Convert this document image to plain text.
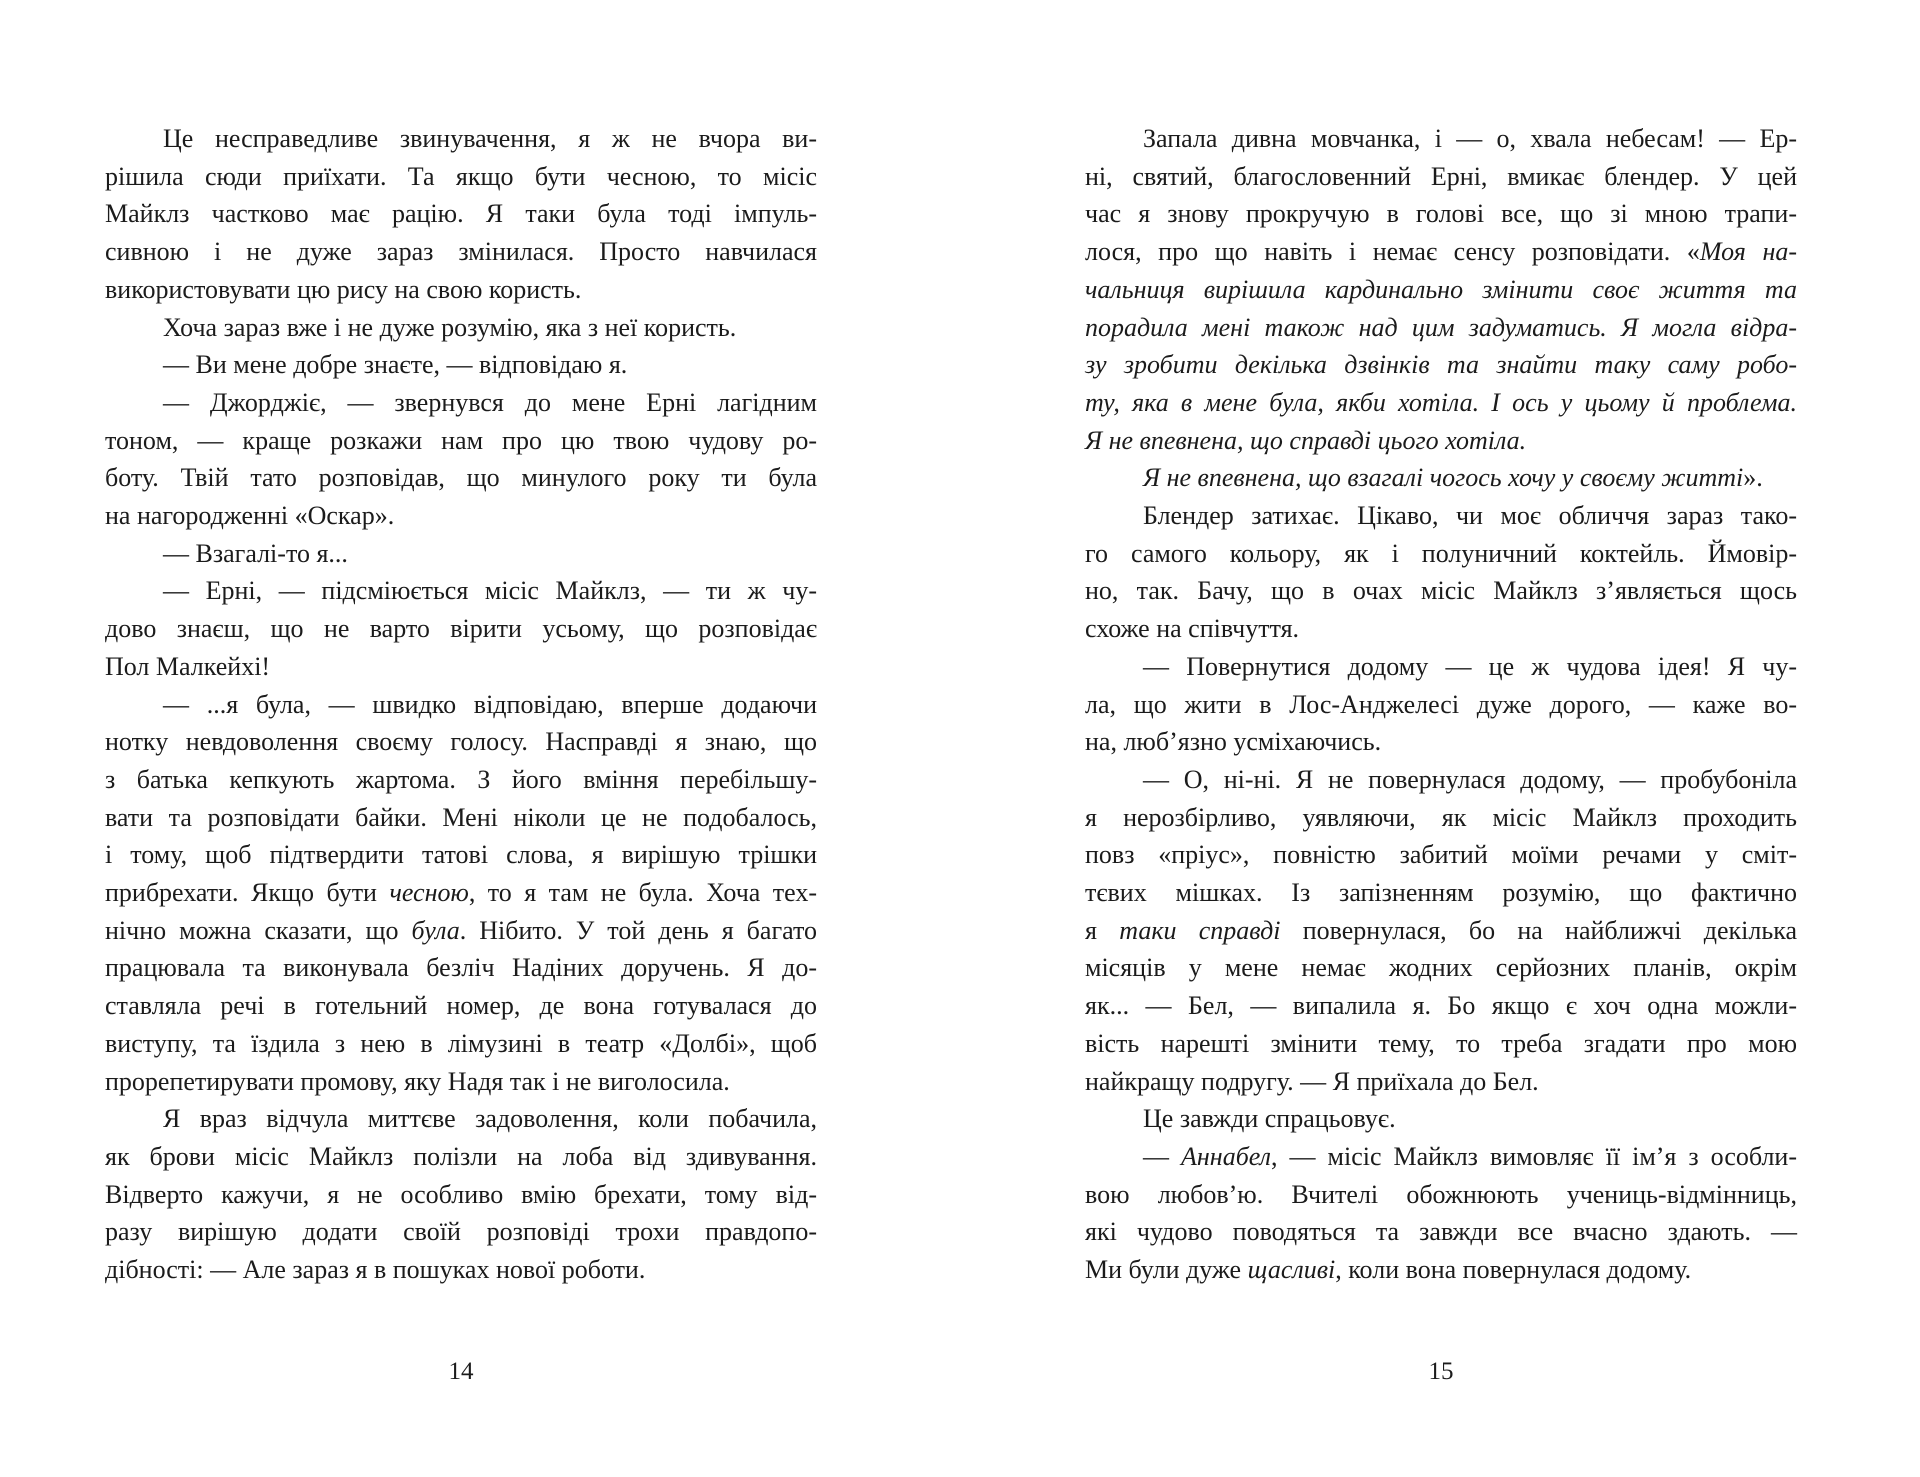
Це несправедливе звинувачення, я ж не вчора ви-
рішила сюди приїхати. Та якщо бути чесною, то місіс
Майклз частково має рацію. Я таки була тоді імпуль-
сивною і не дуже зараз змінилася. Просто навчилася
використовувати цю рису на свою користь.
Хоча зараз вже і не дуже розумію, яка з неї користь.
— Ви мене добре знаєте, — відповідаю я.
— Джорджіє, — звернувся до мене Ерні лагідним
тоном, — краще розкажи нам про цю твою чудову ро-
боту. Твій тато розповідав, що минулого року ти була
на нагородженні «Оскар».
— Взагалі-то я...
— Ерні, — підсміюється місіс Майклз, — ти ж чу-
дово знаєш, що не варто вірити усьому, що розповідає
Пол Малкейхі!
— ...я була, — швидко відповідаю, вперше додаючи
нотку невдоволення своєму голосу. Насправді я знаю, що
з батька кепкують жартома. З його вміння перебільшу-
вати та розповідати байки. Мені ніколи це не подобалось,
і тому, щоб підтвердити татові слова, я вирішую трішки
прибрехати. Якщо бути чесною, то я там не була. Хоча тех-
нічно можна сказати, що була. Нібито. У той день я багато
працювала та виконувала безліч Надіних доручень. Я до-
ставляла речі в готельний номер, де вона готувалася до
виступу, та їздила з нею в лімузині в театр «Долбі», щоб
прорепетирувати промову, яку Надя так і не виголосила.
Я враз відчула миттєве задоволення, коли побачила,
як брови місіс Майклз полізли на лоба від здивування.
Відверто кажучи, я не особливо вмію брехати, тому від-
разу вирішую додати своїй розповіді трохи правдопо-
дібності: — Але зараз я в пошуках нової роботи.
Запала дивна мовчанка, і — о, хвала небесам! — Ер-
ні, святий, благословенний Ерні, вмикає блендер. У цей
час я знову прокручую в голові все, що зі мною трапи-
лося, про що навіть і немає сенсу розповідати. «Моя на-
чальниця вирішила кардинально змінити своє життя та
порадила мені також над цим задуматись. Я могла відра-
зу зробити декілька дзвінків та знайти таку саму робо-
ту, яка в мене була, якби хотіла. І ось у цьому й проблема.
Я не впевнена, що справді цього хотіла.
Я не впевнена, що взагалі чогось хочу у своєму житті».
Блендер затихає. Цікаво, чи моє обличчя зараз тако-
го самого кольору, як і полуничний коктейль. Ймовір-
но, так. Бачу, що в очах місіс Майклз з’являється щось
схоже на співчуття.
— Повернутися додому — це ж чудова ідея! Я чу-
ла, що жити в Лос-Анджелесі дуже дорого, — каже во-
на, люб’язно усміхаючись.
— О, ні-ні. Я не повернулася додому, — пробубоніла
я нерозбірливо, уявляючи, як місіс Майклз проходить
повз «пріус», повністю забитий моїми речами у сміт-
тєвих мішках. Із запізненням розумію, що фактично
я таки справді повернулася, бо на найближчі декілька
місяців у мене немає жодних серйозних планів, окрім
як... — Бел, — випалила я. Бо якщо є хоч одна можли-
вість нарешті змінити тему, то треба згадати про мою
найкращу подругу. — Я приїхала до Бел.
Це завжди спрацьовує.
— Аннабел, — місіс Майклз вимовляє її ім’я з особли-
вою любов’ю. Вчителі обожнюють учениць-відмінниць,
які чудово поводяться та завжди все вчасно здають. —
Ми були дуже щасливі, коли вона повернулася додому.
14	15
